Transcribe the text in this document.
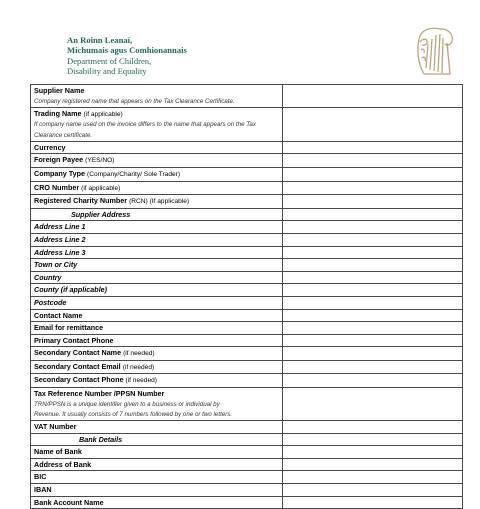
An Roinn Leanaí,
Míchumais agus Comhionannais
Department of Children,
Disability and Equality
Supplier Name
Company registered name that appears on the Tax Clearance Certificate.	

Trading Name (if applicable)
If company name used on the invoice differs to the name that appears on the Tax Clearance certificate.	

Currency	
Foreign Payee (YES/NO)	
Company Type (Company/Charity/ Sole Trader)	
CRO Number (if applicable)	
Registered Charity Number (RCN) (If applicable)	
Supplier Address	
Address Line 1	
Address Line 2	
Address Line 3	
Town or City	
Country	
County (if applicable)	
Postcode	
Contact Name	
Email for remittance	
Primary Contact Phone	
Secondary Contact Name (if needed)	
Secondary Contact Email (if needed)	
Secondary Contact Phone (if needed)	
Tax Reference Number /PPSN Number
TRN/PPSN is a unique identifier given to a business or individual by
Revenue. It usually consists of 7 numbers followed by one or two letters.	

VAT Number	
Bank Details	
Name of Bank	
Address of Bank	
BIC	
IBAN	
Bank Account Name	
